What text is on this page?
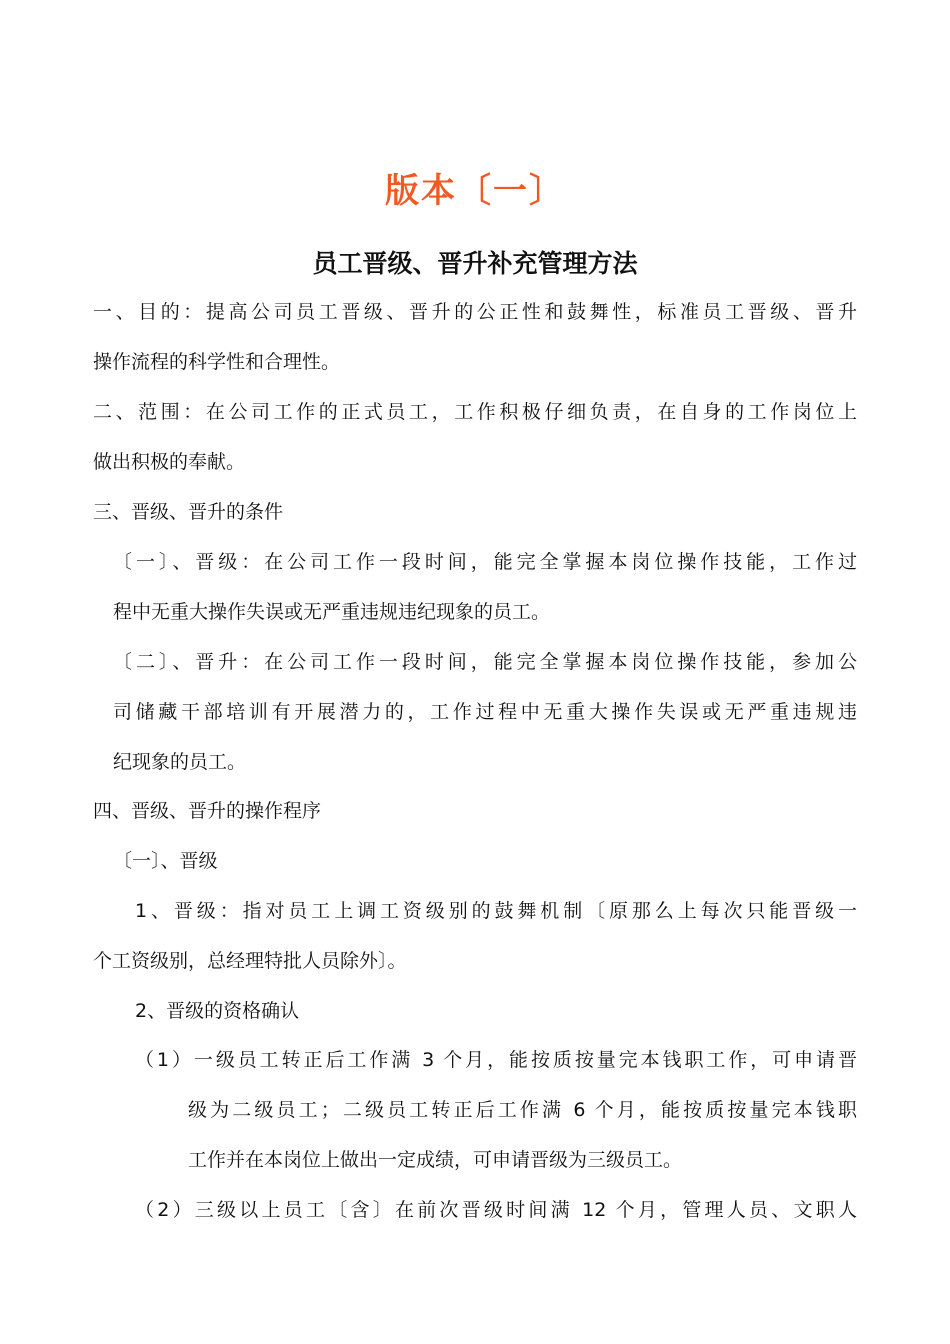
版本〔一〕
员工晋级、晋升补充管理方法
一、目的：提高公司员工晋级、晋升的公正性和鼓舞性，标准员工晋级、晋升
操作流程的科学性和合理性。
二、范围：在公司工作的正式员工，工作积极仔细负责，在自身的工作岗位上
做出积极的奉献。
三、晋级、晋升的条件
〔一〕、晋级：在公司工作一段时间，能完全掌握本岗位操作技能，工作过
程中无重大操作失误或无严重违规违纪现象的员工。
〔二〕、晋升：在公司工作一段时间，能完全掌握本岗位操作技能，参加公
司储藏干部培训有开展潜力的，工作过程中无重大操作失误或无严重违规违
纪现象的员工。
四、晋级、晋升的操作程序
〔一〕、晋级
1、晋级：指对员工上调工资级别的鼓舞机制〔原那么上每次只能晋级一
个工资级别，总经理特批人员除外〕。
2、晋级的资格确认
（1）一级员工转正后工作满 3 个月，能按质按量完本钱职工作，可申请晋
级为二级员工；二级员工转正后工作满 6 个月，能按质按量完本钱职
工作并在本岗位上做出一定成绩，可申请晋级为三级员工。
（2）三级以上员工〔含〕在前次晋级时间满 12 个月，管理人员、文职人
